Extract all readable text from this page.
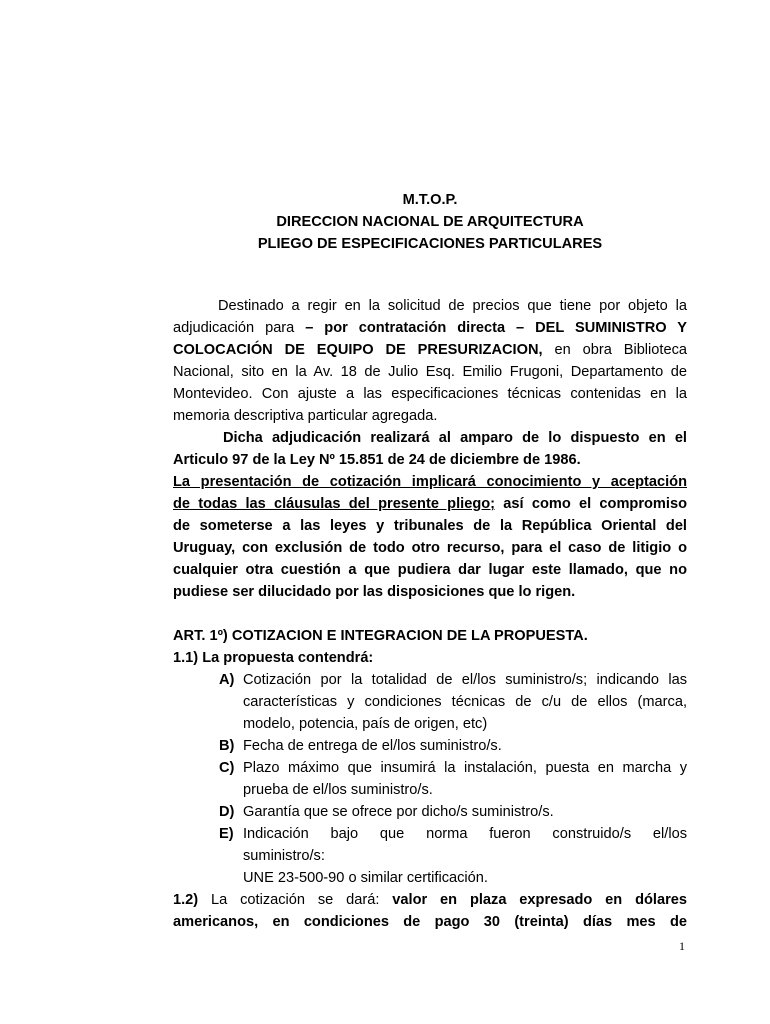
M.T.O.P.
DIRECCION NACIONAL DE ARQUITECTURA
PLIEGO DE ESPECIFICACIONES PARTICULARES
Destinado a regir en la solicitud de precios que tiene por objeto la
adjudicación para – por contratación directa – DEL SUMINISTRO Y
COLOCACIÓN DE EQUIPO DE PRESURIZACION, en obra Biblioteca
Nacional, sito en la Av. 18 de Julio Esq. Emilio Frugoni, Departamento de
Montevideo. Con ajuste a las especificaciones técnicas contenidas en la
memoria descriptiva particular agregada.
Dicha adjudicación realizará al amparo de lo dispuesto en el
Articulo 97 de la Ley Nº 15.851 de 24 de diciembre de 1986.
La presentación de cotización implicará conocimiento y aceptación
de todas las cláusulas del presente pliego; así como el compromiso
de someterse a las leyes y tribunales de la República Oriental del
Uruguay, con exclusión de todo otro recurso, para el caso de litigio o
cualquier otra cuestión a que pudiera dar lugar este llamado, que no
pudiese ser dilucidado por las disposiciones que lo rigen.
ART. 1º) COTIZACION E INTEGRACION DE LA PROPUESTA.
1.1) La propuesta contendrá:
A) Cotización por la totalidad de el/los suministro/s; indicando las
características y condiciones técnicas de c/u de ellos (marca,
modelo, potencia, país de origen, etc)
B) Fecha de entrega de el/los suministro/s.
C) Plazo máximo que insumirá la instalación, puesta en marcha y
prueba de el/los suministro/s.
D) Garantía que se ofrece por dicho/s suministro/s.
E) Indicación bajo que norma fueron construido/s el/los
suministro/s:
UNE 23-500-90 o similar certificación.
1.2) La cotización se dará: valor en plaza expresado en dólares
americanos, en condiciones de pago 30 (treinta) días mes de
1
